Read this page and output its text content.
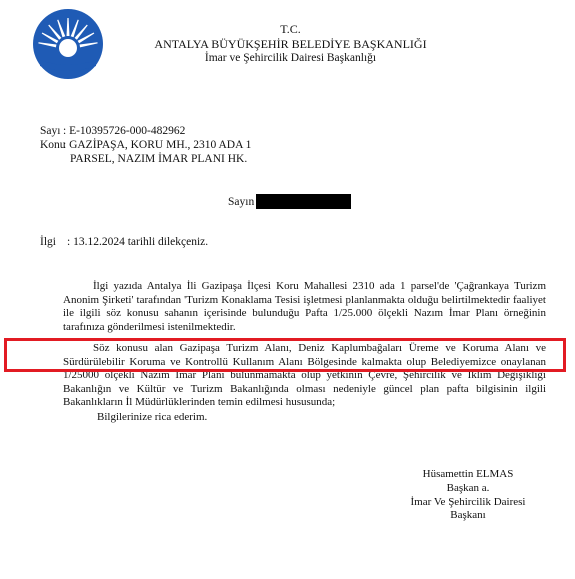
T.C.
ANTALYA BÜYÜKŞEHİR BELEDİYE BAŞKANLIĞI
İmar ve Şehircilik Dairesi Başkanlığı
Sayı : E-10395726-000-482962
Konu
: GAZİPAŞA, KORU MH., 2310 ADA 1
PARSEL, NAZIM İMAR PLANI HK.
Sayın
İlgi : 13.12.2024 tarihli dilekçeniz.
İlgi yazıda Antalya İli Gazipaşa İlçesi Koru Mahallesi 2310 ada 1 parsel'de 'Çağrankaya Turizm Anonim Şirketi' tarafından 'Turizm Konaklama Tesisi işletmesi planlanmakta olduğu belirtilmektedir faaliyet ile ilgili söz konusu sahanın içerisinde bulunduğu Pafta 1/25.000 ölçekli Nazım İmar Planı örneğinin tarafınıza gönderilmesi istenilmektedir.
Söz konusu alan Gazipaşa Turizm Alanı, Deniz Kaplumbağaları Üreme ve Koruma Alanı ve Sürdürülebilir Koruma ve Kontrollü Kullanım Alanı Bölgesinde kalmakta olup Belediyemizce onaylanan 1/25000 ölçekli Nazım İmar Planı bulunmamakta olup yetkinin Çevre, Şehircilik ve İklim Değişikliği Bakanlığın ve Kültür ve Turizm Bakanlığında olması nedeniyle güncel plan pafta bilgisinin ilgili Bakanlıkların İl Müdürlüklerinden temin edilmesi hususunda;
Bilgilerinize rica ederim.
Hüsamettin ELMAS
Başkan a.
İmar Ve Şehircilik Dairesi
Başkanı
